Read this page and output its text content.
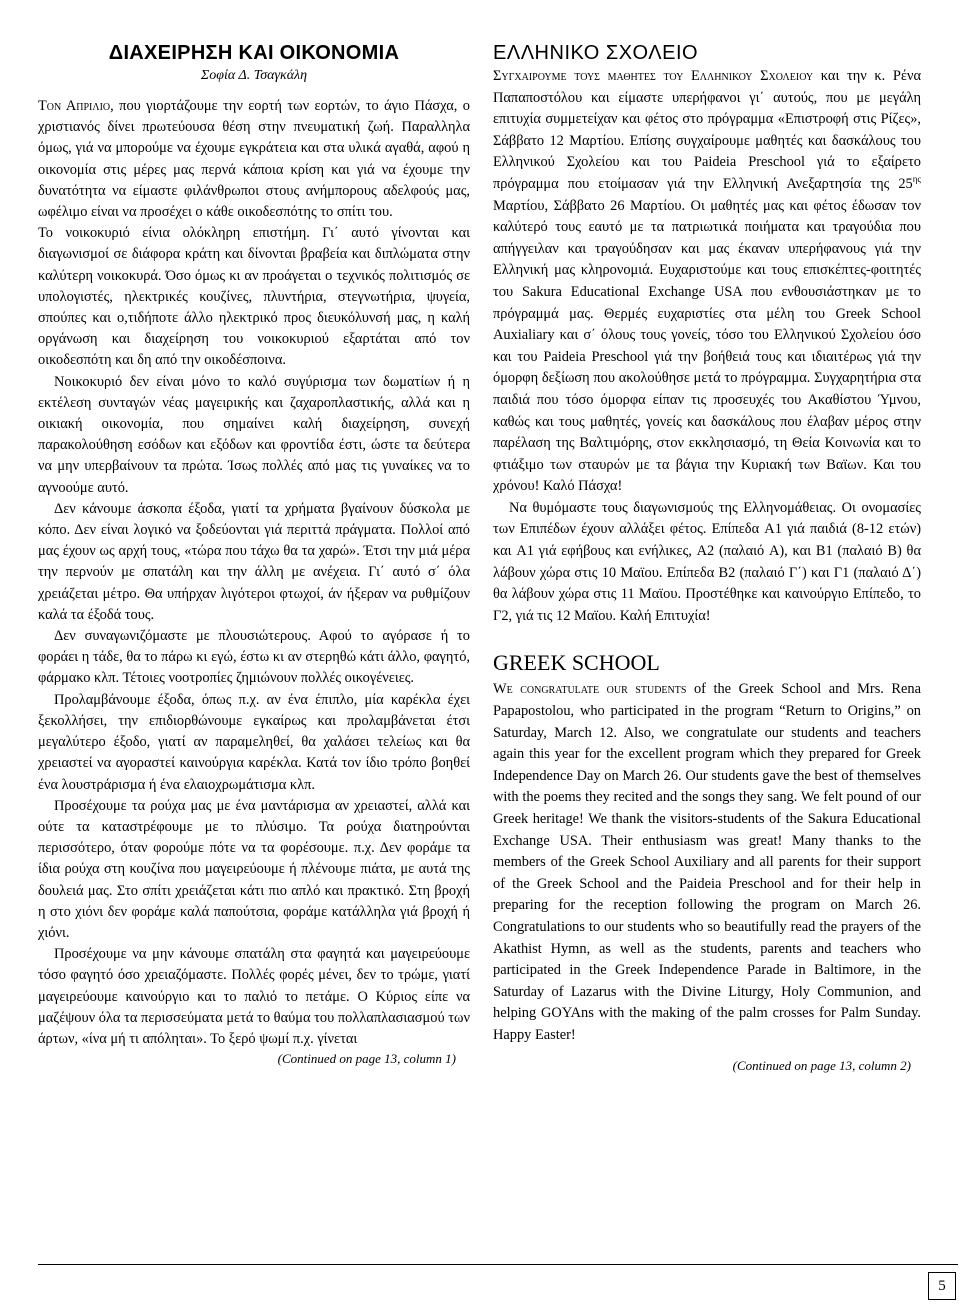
ΔΙΑΧΕΙΡΗΣΗ ΚΑΙ ΟΙΚΟΝΟΜΙΑ
Σοφία Δ. Τσαγκάλη

Τον Απριλιο, που γιορτάζουμε την εορτή των εορτών, το άγιο Πάσχα, ο χριστιανός δίνει πρωτεύουσα θέση στην πνευματική ζωή. Παραλληλα όμως, γιά να μπορούμε να έχουμε εγκράτεια και στα υλικά αγαθά, αφού η οικονομία στις μέρες μας περνά κάποια κρίση και γιά να έχουμε την δυνατότητα να είμαστε φιλάνθρωποι στους ανήμπορους αδελφούς μας, ωφέλιμο είναι να προσέχει ο κάθε οικοδεσπότης το σπίτι του.

Το νοικοκυριό είνια ολόκληρη επιστήμη. Γι΄ αυτό γίνονται και διαγωνισμοί σε διάφορα κράτη και δίνονται βραβεία και διπλώματα στην καλύτερη νοικοκυρά. Όσο όμως κι αν προάγεται ο τεχνικός πολιτισμός σε υπολογιστές, ηλεκτρικές κουζίνες, πλυντήρια, στεγνωτήρια, ψυγεία, σπούπες και ο,τιδήποτε άλλο ηλεκτρικό προς διευκόλυνσή μας, η καλή οργάνωση και διαχείρηση του νοικοκυριού εξαρτάται από τον οικοδεσπότη και δη από την οικοδέσποινα.

Νοικοκυριό δεν είναι μόνο το καλό συγύρισμα των δωματίων ή η εκτέλεση συνταγών νέας μαγειρικής και ζαχαροπλαστικής, αλλά και η οικιακή οικονομία, που σημαίνει καλή διαχείρηση, συνεχή παρακολούθηση εσόδων και εξόδων και φροντίδα έστι, ώστε τα δεύτερα να μην υπερβαίνουν τα πρώτα. Ίσως πολλές από μας τις γυναίκες να το αγνοούμε αυτό.

Δεν κάνουμε άσκοπα έξοδα, γιατί τα χρήματα βγαίνουν δύσκολα με κόπο. Δεν είναι λογικό να ξοδεύονται γιά περιττά πράγματα. Πολλοί από μας έχουν ως αρχή τους, «τώρα που τάχω θα τα χαρώ». Έτσι την μιά μέρα την περνούν με σπατάλη και την άλλη με ανέχεια. Γι΄ αυτό σ΄ όλα χρειάζεται μέτρο. Θα υπήρχαν λιγότεροι φτωχοί, άν ήξεραν να ρυθμίζουν καλά τα έξοδά τους.

Δεν συναγωνιζόμαστε με πλουσιώτερους. Αφού το αγόρασε ή το φοράει η τάδε, θα το πάρω κι εγώ, έστω κι αν στερηθώ κάτι άλλο, φαγητό, φάρμακο κλπ. Τέτοιες νοοτροπίες ζημιώνουν πολλές οικογένειες.

Προλαμβάνουμε έξοδα, όπως π.χ. αν ένα έπιπλο, μία καρέκλα έχει ξεκολλήσει, την επιδιορθώνουμε εγκαίρως και προλαμβάνεται έτσι μεγαλύτερο έξοδο, γιατί αν παραμεληθεί, θα χαλάσει τελείως και θα χρειαστεί να αγοραστεί καινούργια καρέκλα. Κατά τον ίδιο τρόπο βοηθεί ένα λουστράρισμα ή ένα ελαιοχρωμάτισμα κλπ.

Προσέχουμε τα ρούχα μας με ένα μαντάρισμα αν χρειαστεί, αλλά και ούτε τα καταστρέφουμε με το πλύσιμο. Τα ρούχα διατηρούνται περισσότερο, όταν φορούμε πότε να τα φορέσουμε. π.χ. Δεν φοράμε τα ίδια ρούχα στη κουζίνα που μαγειρεύουμε ή πλένουμε πιάτα, με αυτά της δουλειά μας. Στο σπίτι χρειάζεται κάτι πιο απλό και πρακτικό. Στη βροχή η στο χιόνι δεν φοράμε καλά παπούτσια, φοράμε κατάλληλα γιά βροχή ή χιόνι.

Προσέχουμε να μην κάνουμε σπατάλη στα φαγητά και μαγειρεύουμε τόσο φαγητό όσο χρειαζόμαστε. Πολλές φορές μένει, δεν το τρώμε, γιατί μαγειρεύουμε καινούργιο και το παλιό το πετάμε. Ο Κύριος είπε να μαζέψουν όλα τα περισσεύματα μετά το θαύμα του πολλαπλασιασμού των άρτων, «ίνα μή τι απόληται». Το ξερό ψωμί π.χ. γίνεται

(Continued on page 13, column 1)
ΕΛΛΗΝΙΚΟ ΣΧΟΛΕΙΟ

Συγχαιρουμε τους μαθητες του Ελληνικου Σχολειου και την κ. Ρένα Παπαποστόλου και είμαστε υπερήφανοι γι΄ αυτούς, που με μεγάλη επιτυχία συμμετείχαν και φέτος στο πρόγραμμα «Επιστροφή στις Ρίζες», Σάββατο 12 Μαρτίου. Επίσης συγχαίρουμε μαθητές και δασκάλους του Ελληνικού Σχολείου και του Paideia Preschool γιά το εξαίρετο πρόγραμμα που ετοίμασαν γιά την Ελληνική Ανεξαρτησία της $25^{\eta\varsigma}$ Μαρτίου, Σάββατο 26 Μαρτίου. Οι μαθητές μας και φέτος έδωσαν τον καλύτερό τους εαυτό με τα πατριωτικά ποιήματα και τραγούδια που απήγγειλαν και τραγούδησαν και μας έκαναν υπερήφανους γιά την Ελληνική μας κληρονομιά. Ευχαριστούμε και τους επισκέπτες-φοιτητές του Sakura Educational Exchange USA που ενθουσιάστηκαν με το πρόγραμμά μας. Θερμές ευχαριστίες στα μέλη του Greek School Auxialiary και σ΄ όλους τους γονείς, τόσο του Ελληνικού Σχολείου όσο και του Paideia Preschool γιά την βοήθειά τους και ιδιαιτέρως γιά την όμορφη δεξίωση που ακολούθησε μετά το πρόγραμμα. Συγχαρητήρια στα παιδιά που τόσο όμορφα είπαν τις προσευχές του Ακαθίστου Ύμνου, καθώς και τους μαθητές, γονείς και δασκάλους που έλαβαν μέρος στην παρέλαση της Βαλτιμόρης, στον εκκλησιασμό, τη Θεία Κοινωνία και το φτιάξιμο των σταυρών με τα βάγια την Κυριακή των Βαϊων. Και του χρόνου! Καλό Πάσχα!

Να θυμόμαστε τους διαγωνισμούς της Ελληνομάθειας. Οι ονομασίες των Επιπέδων έχουν αλλάξει φέτος. Επίπεδα A1 γιά παιδιά (8-12 ετών) και A1 γιά εφήβους και ενήλικες, A2 (παλαιό A), και B1 (παλαιό B) θα λάβουν χώρα στις 10 Μαϊου. Επίπεδα B2 (παλαιό Γ΄) και Γ1 (παλαιό Δ΄) θα λάβουν χώρα στις 11 Μαϊου. Προστέθηκε και καινούργιο Επίπεδο, το Γ2, γιά τις 12 Μαϊου. Καλή Επιτυχία!

GREEK SCHOOL

We congratulate our students of the Greek School and Mrs. Rena Papapostolou, who participated in the program “Return to Origins,” on Saturday, March 12. Also, we congratulate our students and teachers again this year for the excellent program which they prepared for Greek Independence Day on March 26. Our students gave the best of themselves with the poems they recited and the songs they sang. We felt pound of our Greek heritage! We thank the visitors-students of the Sakura Educational Exchange USA. Their enthusiasm was great! Many thanks to the members of the Greek School Auxiliary and all parents for their support of the Greek School and the Paideia Preschool and for their help in preparing for the reception following the program on March 26. Congratulations to our students who so beautifully read the prayers of the Akathist Hymn, as well as the students, parents and teachers who participated in the Greek Independence Parade in Baltimore, in the Saturday of Lazarus with the Divine Liturgy, Holy Communion, and helping GOYAns with the making of the palm crosses for Palm Sunday. Happy Easter!

(Continued on page 13, column 2)
5
